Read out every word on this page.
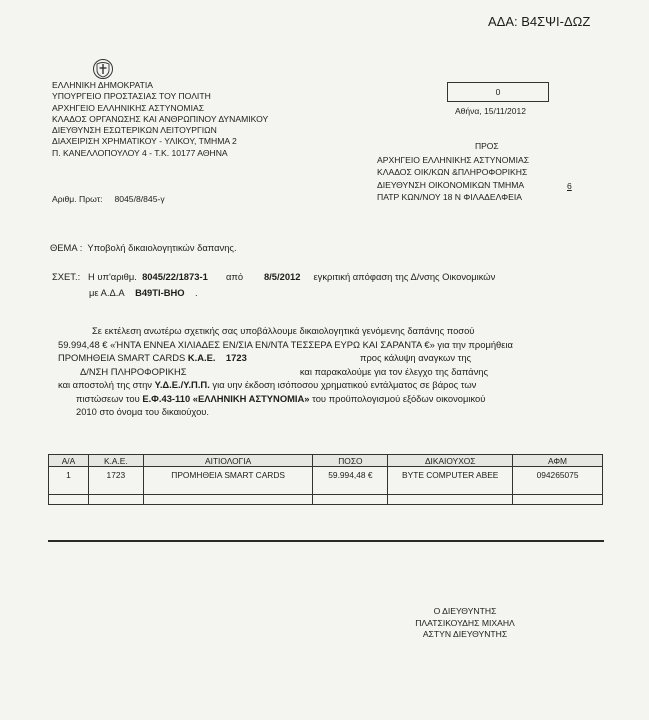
ΑΔΑ: Β4ΣΨΙ-ΔΩΖ
ΕΛΛΗΝΙΚΗ ΔΗΜΟΚΡΑΤΙΑ
ΥΠΟΥΡΓΕΙΟ ΠΡΟΣΤΑΣΙΑΣ ΤΟΥ ΠΟΛΙΤΗ
ΑΡΧΗΓΕΙΟ ΕΛΛΗΝΙΚΗΣ ΑΣΤΥΝΟΜΙΑΣ
ΚΛΑΔΟΣ ΟΡΓΑΝΩΣΗΣ ΚΑΙ ΑΝΘΡΩΠΙΝΟΥ ΔΥΝΑΜΙΚΟΥ
ΔΙΕΥΘΥΝΣΗ ΕΣΩΤΕΡΙΚΩΝ ΛΕΙΤΟΥΡΓΙΩΝ
ΔΙΑΧΕΙΡΙΣΗ ΧΡΗΜΑΤΙΚΟΥ - ΥΛΙΚΟΥ, ΤΜΗΜΑ 2
Π. ΚΑΝΕΛΛΟΠΟΥΛΟΥ 4 - Τ.Κ. 10177 ΑΘΗΝΑ
0
Αθήνα, 15/11/2012
ΠΡΟΣ
ΑΡΧΗΓΕΙΟ ΕΛΛΗΝΙΚΗΣ ΑΣΤΥΝΟΜΙΑΣ
ΚΛΑΔΟΣ ΟΙΚ/ΚΩΝ &ΠΛΗΡΟΦΟΡΙΚΗΣ
ΔΙΕΥΘΥΝΣΗ ΟΙΚΟΝΟΜΙΚΩΝ ΤΜΗΜΑ
ΠΑΤΡ ΚΩΝ/ΝΟΥ 18 Ν ΦΙΛΑΔΕΛΦΕΙΑ
6
Αριθμ. Πρωτ: 8045/8/845-γ
ΘΕΜΑ : Υποβολή δικαιολογητικών δαπανης.
ΣΧΕΤ.: Η υπ'αριθμ. 8045/22/1873-1 από 8/5/2012 εγκριτική απόφαση της Δ/νσης Οικονομικών
με Α.Δ.Α Β49ΤΙ-ΒΗΟ .
Σε εκτέλεση ανωτέρω σχετικής σας υποβάλλουμε δικαιολογητικά γενόμενης δαπάνης ποσού
59.994,48 € «ΉΝΤΑ ΕΝΝΕΑ ΧΙΛΙΑΔΕΣ ΕΝ/ΣΙΑ ΕΝ/ΝΤΑ ΤΕΣΣΕΡΑ ΕΥΡΩ ΚΑΙ ΣΑΡΑΝΤΑ €» για την προμήθεια
ΠΡΟΜΗΘΕΙΑ SMART CARDS Κ.Α.Ε. 1723	προς κάλυψη αναγκων της
Δ/ΝΣΗ ΠΛΗΡΟΦΟΡΙΚΗΣ	και παρακαλούμε για τον έλεγχο της δαπάνης
και αποστολή της στην Υ.Δ.Ε./Υ.Π.Π. για υην έκδοση ισόποσου χρηματικού εντάλματος σε βάρος των
πιστώσεων του Ε.Φ.43-110 «ΕΛΛΗΝΙΚΗ ΑΣΤΥΝΟΜΙΑ» του προϋπολογισμού εξόδων οικονομικού
2010 στο όνομα του δικαιούχου.
Α/Α	Κ.Α.Ε.	ΑΙΤΙΟΛΟΓΙΑ	ΠΟΣΟ	ΔΙΚΑΙΟΥΧΟΣ	ΑΦΜ
1	1723	ΠΡΟΜΗΘΕΙΑ SMART CARDS	59.994,48 €	BYTE COMPUTER ABEE	094265075

Ο ΔΙΕΥΘΥΝΤΗΣ
ΠΛΑΤΣΙΚΟΥΔΗΣ ΜΙΧΑΗΛ
ΑΣΤΥΝ ΔΙΕΥΘΥΝΤΗΣ
